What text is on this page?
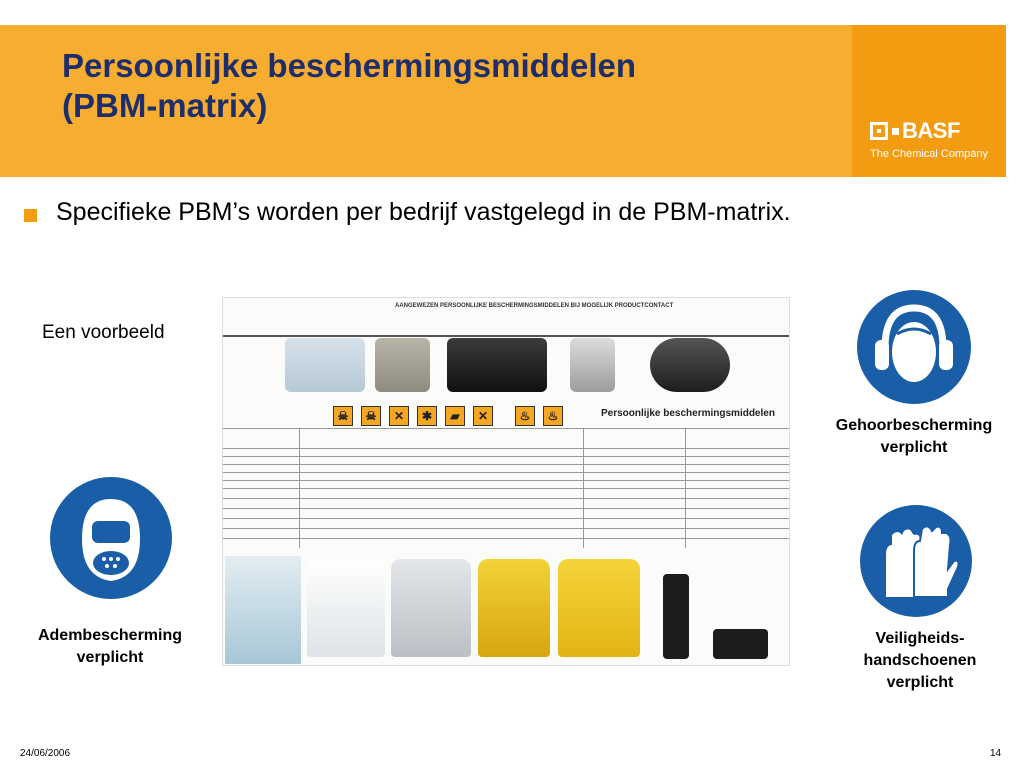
Persoonlijke beschermingsmiddelen
(PBM-matrix)
BASF
The Chemical Company
Specifieke PBM’s worden per bedrijf vastgelegd in de PBM-matrix.
Een voorbeeld
AANGEWEZEN PERSOONLIJKE BESCHERMINGSMIDDELEN BIJ MOGELIJK PRODUCTCONTACT
☠	☠	✕	✱	▰	✕	♨	♨	Persoonlijke beschermingsmiddelen
Gehoorbescherming
verplicht
Adembescherming
verplicht
Veiligheids-
handschoenen
verplicht
24/06/2006	14
